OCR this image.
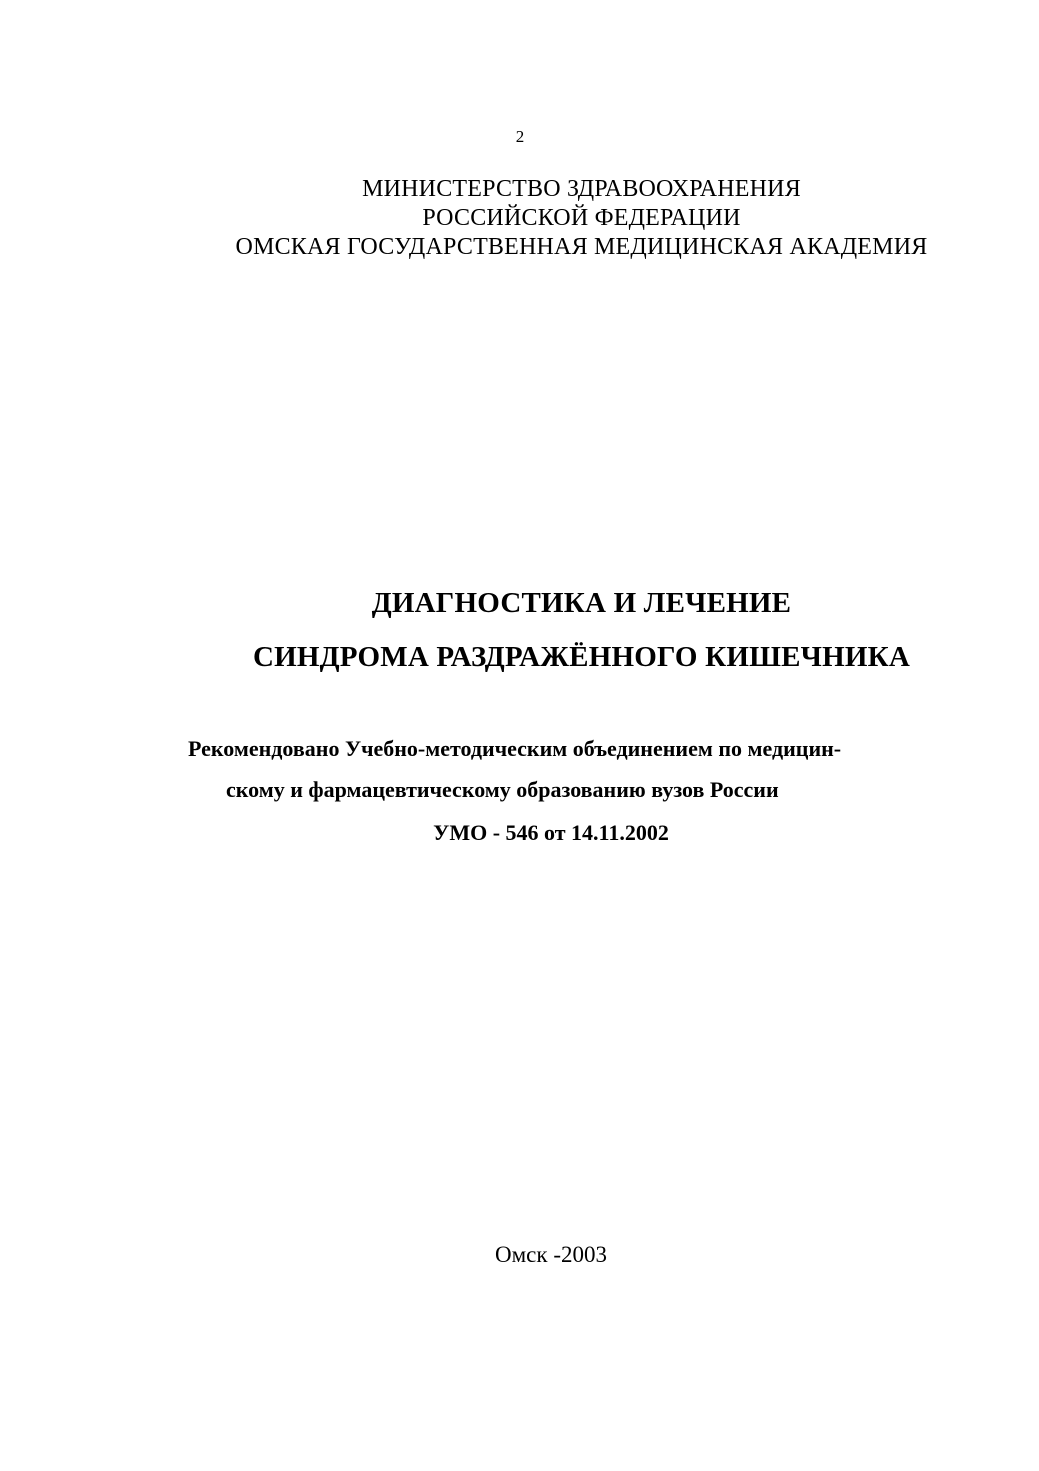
2
МИНИСТЕРСТВО ЗДРАВООХРАНЕНИЯ
РОССИЙСКОЙ ФЕДЕРАЦИИ
ОМСКАЯ ГОСУДАРСТВЕННАЯ МЕДИЦИНСКАЯ АКАДЕМИЯ
ДИАГНОСТИКА И ЛЕЧЕНИЕ
СИНДРОМА РАЗДРАЖЁННОГО КИШЕЧНИКА
Рекомендовано Учебно-методическим объединением по медицин-
скому и фармацевтическому образованию вузов России
УМО - 546 от 14.11.2002
Омск -2003
